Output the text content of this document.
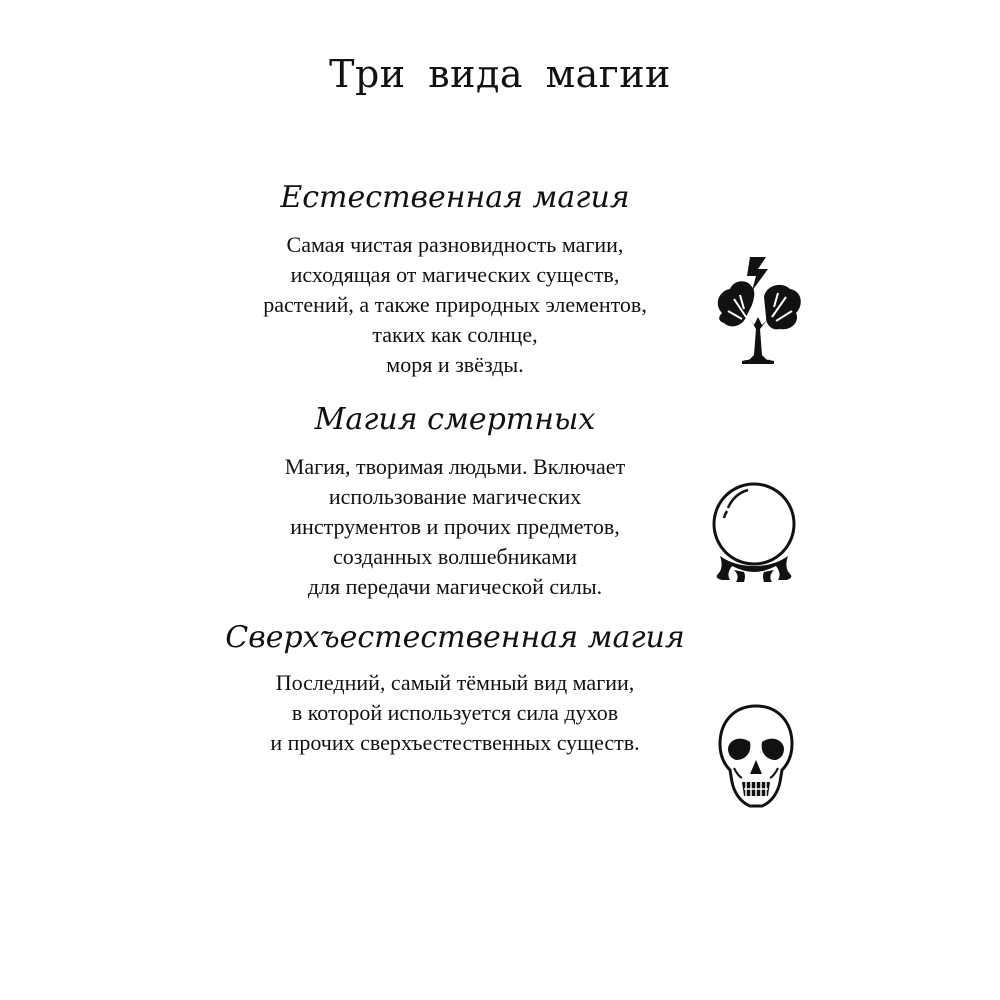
Три вида магии
Естественная магия
Самая чистая разновидность магии,
исходящая от магических существ,
растений, а также природных элементов,
таких как солнце,
моря и звёзды.
Магия смертных
Магия, творимая людьми. Включает
использование магических
инструментов и прочих предметов,
созданных волшебниками
для передачи магической силы.
Сверхъестественная магия
Последний, самый тёмный вид магии,
в которой используется сила духов
и прочих сверхъестественных существ.
